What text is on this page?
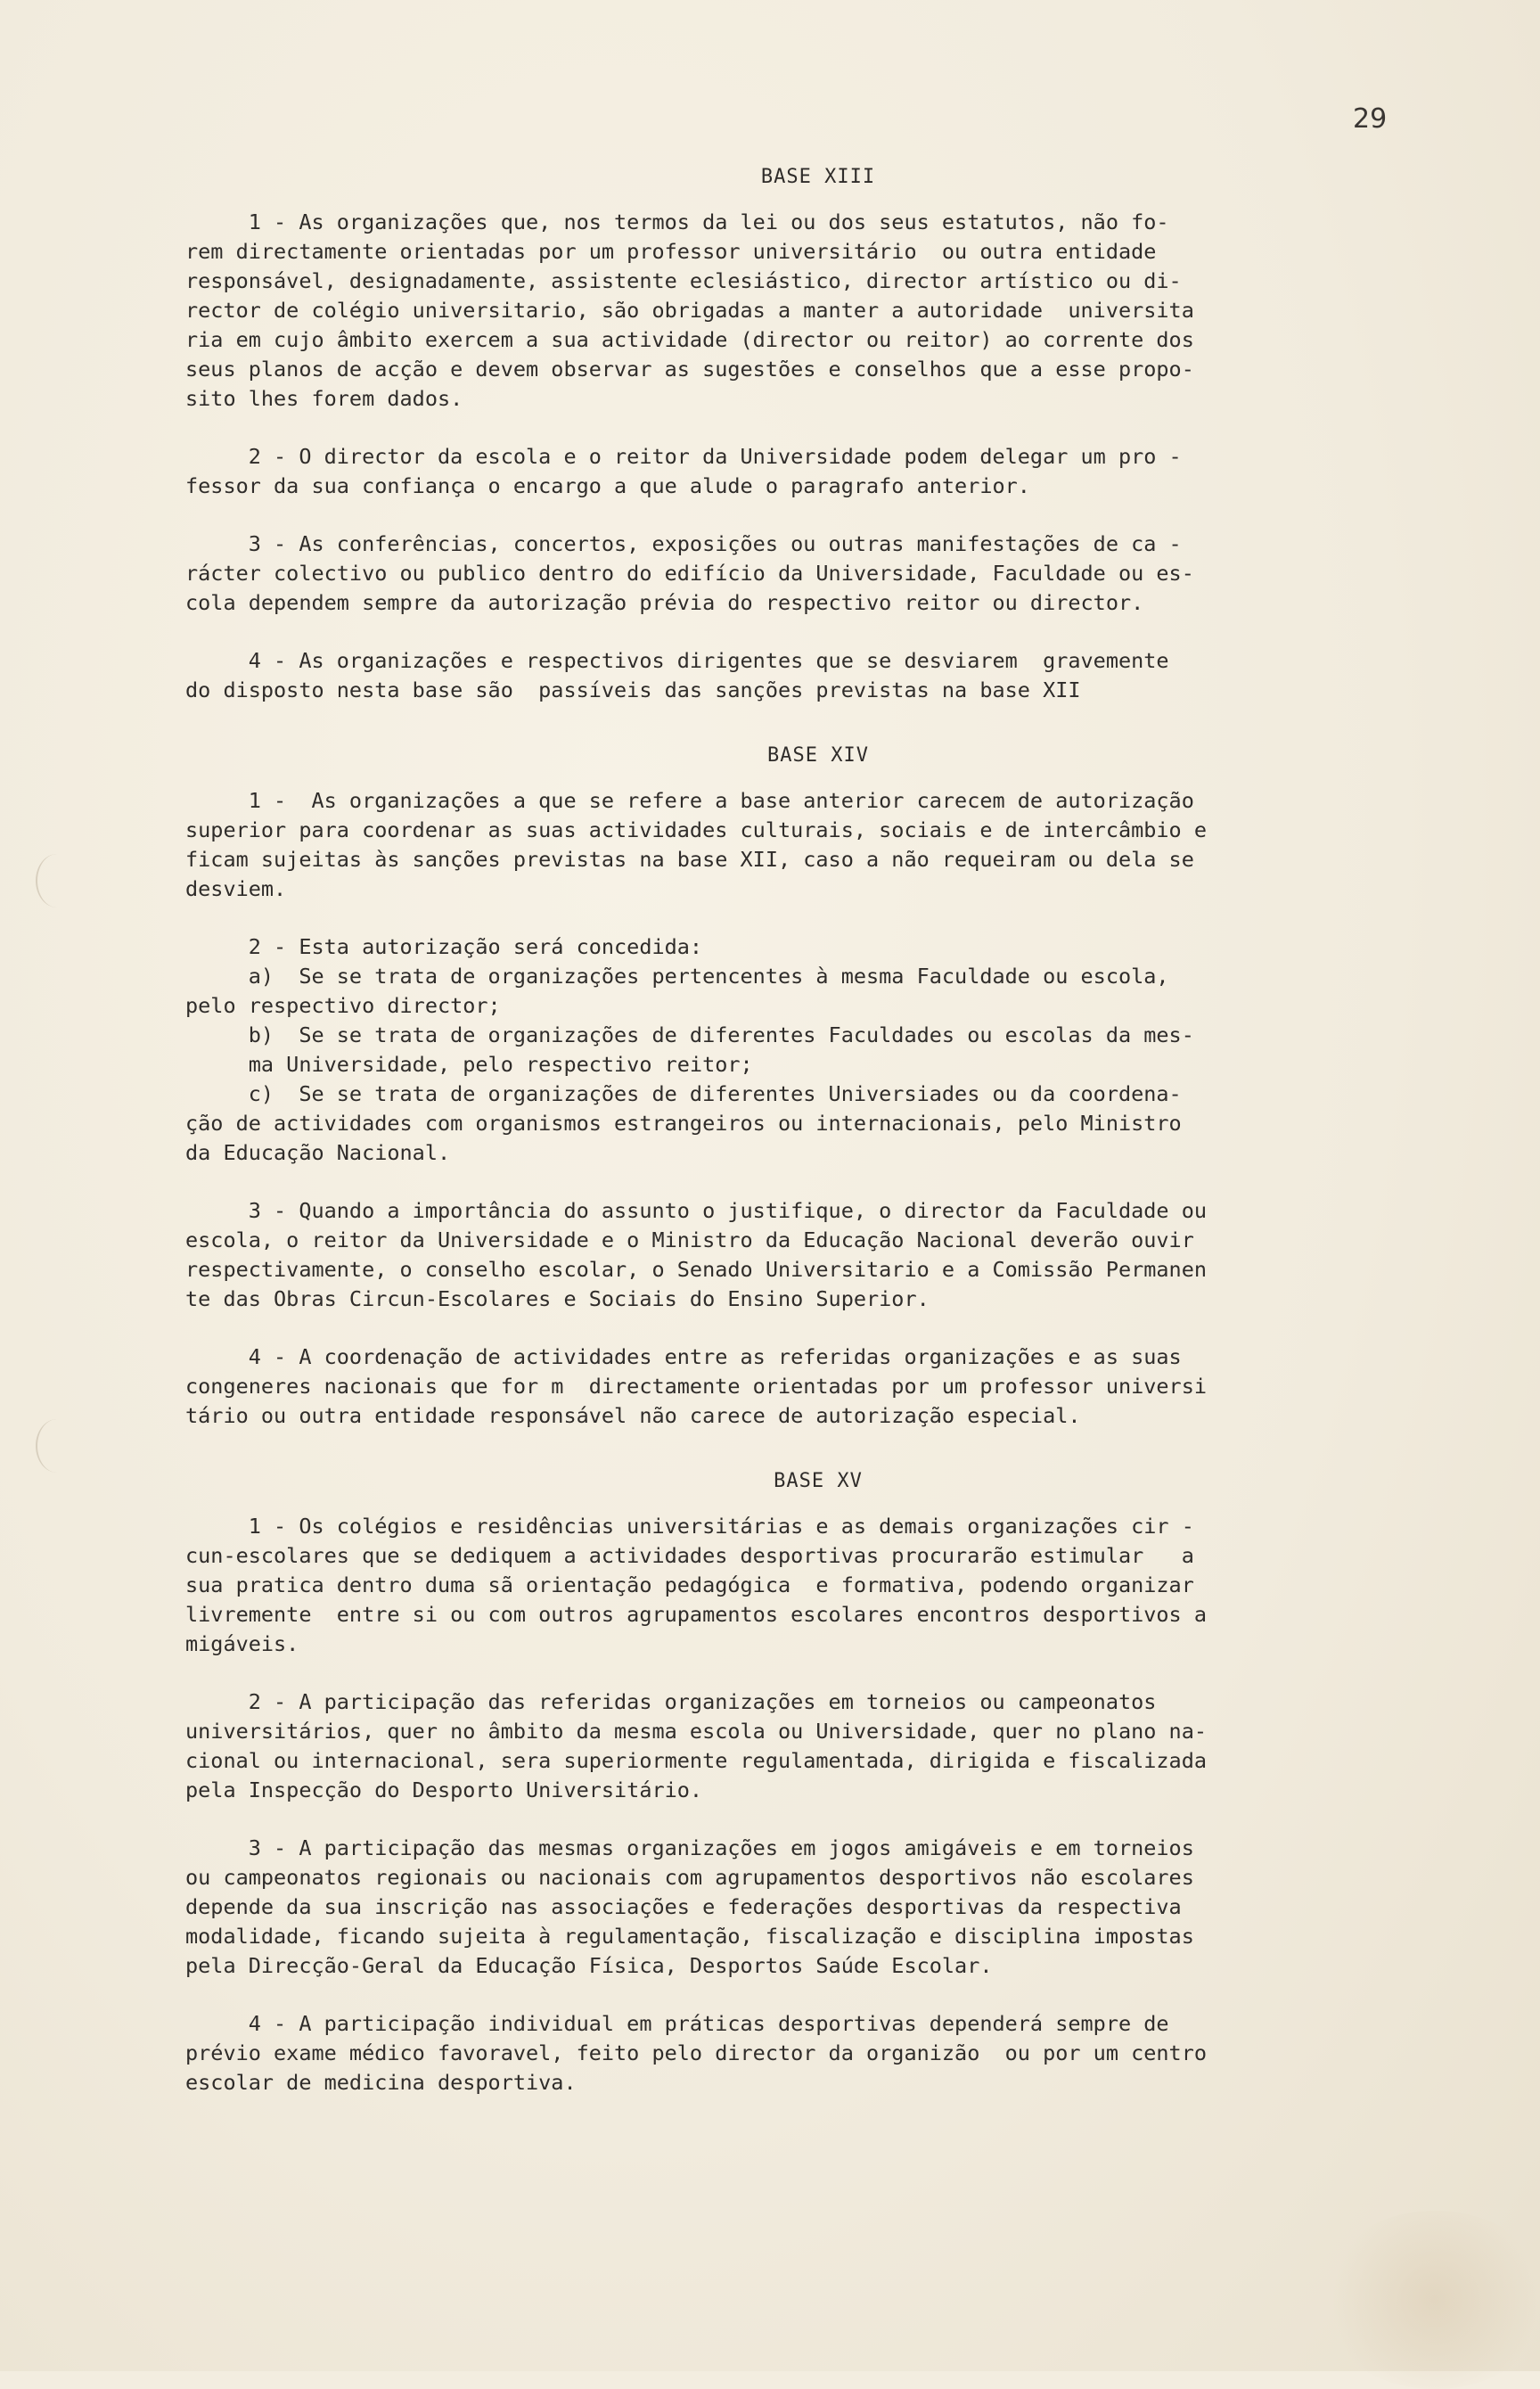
29
BASE XIII
1 - As organizações que, nos termos da lei ou dos seus estatutos, não fo-
rem directamente orientadas por um professor universitário  ou outra entidade
responsável, designadamente, assistente eclesiástico, director artístico ou di-
rector de colégio universitario, são obrigadas a manter a autoridade  universita
ria em cujo âmbito exercem a sua actividade (director ou reitor) ao corrente dos
seus planos de acção e devem observar as sugestões e conselhos que a esse propo-
sito lhes forem dados.
2 - O director da escola e o reitor da Universidade podem delegar um pro -
fessor da sua confiança o encargo a que alude o paragrafo anterior.
3 - As conferências, concertos, exposições ou outras manifestações de ca -
rácter colectivo ou publico dentro do edifício da Universidade, Faculdade ou es-
cola dependem sempre da autorização prévia do respectivo reitor ou director.
4 - As organizações e respectivos dirigentes que se desviarem  gravemente
do disposto nesta base são  passíveis das sanções previstas na base XII
BASE XIV
1 -  As organizações a que se refere a base anterior carecem de autorização
superior para coordenar as suas actividades culturais, sociais e de intercâmbio e
ficam sujeitas às sanções previstas na base XII, caso a não requeiram ou dela se
desviem.
2 - Esta autorização será concedida:
a)  Se se trata de organizações pertencentes à mesma Faculdade ou escola,
pelo respectivo director;
b)  Se se trata de organizações de diferentes Faculdades ou escolas da mes-
ma Universidade, pelo respectivo reitor;
c)  Se se trata de organizações de diferentes Universiades ou da coordena-
ção de actividades com organismos estrangeiros ou internacionais, pelo Ministro
da Educação Nacional.
3 - Quando a importância do assunto o justifique, o director da Faculdade ou
escola, o reitor da Universidade e o Ministro da Educação Nacional deverão ouvir
respectivamente, o conselho escolar, o Senado Universitario e a Comissão Permanen
te das Obras Circun-Escolares e Sociais do Ensino Superior.
4 - A coordenação de actividades entre as referidas organizações e as suas
congeneres nacionais que for m  directamente orientadas por um professor universi
tário ou outra entidade responsável não carece de autorização especial.
BASE XV
1 - Os colégios e residências universitárias e as demais organizações cir -
cun-escolares que se dediquem a actividades desportivas procurarão estimular   a
sua pratica dentro duma sã orientação pedagógica  e formativa, podendo organizar
livremente  entre si ou com outros agrupamentos escolares encontros desportivos a
migáveis.
2 - A participação das referidas organizações em torneios ou campeonatos
universitários, quer no âmbito da mesma escola ou Universidade, quer no plano na-
cional ou internacional, sera superiormente regulamentada, dirigida e fiscalizada
pela Inspecção do Desporto Universitário.
3 - A participação das mesmas organizações em jogos amigáveis e em torneios
ou campeonatos regionais ou nacionais com agrupamentos desportivos não escolares
depende da sua inscrição nas associações e federações desportivas da respectiva
modalidade, ficando sujeita à regulamentação, fiscalização e disciplina impostas
pela Direcção-Geral da Educação Física, Desportos Saúde Escolar.
4 - A participação individual em práticas desportivas dependerá sempre de
prévio exame médico favoravel, feito pelo director da organizão  ou por um centro
escolar de medicina desportiva.
